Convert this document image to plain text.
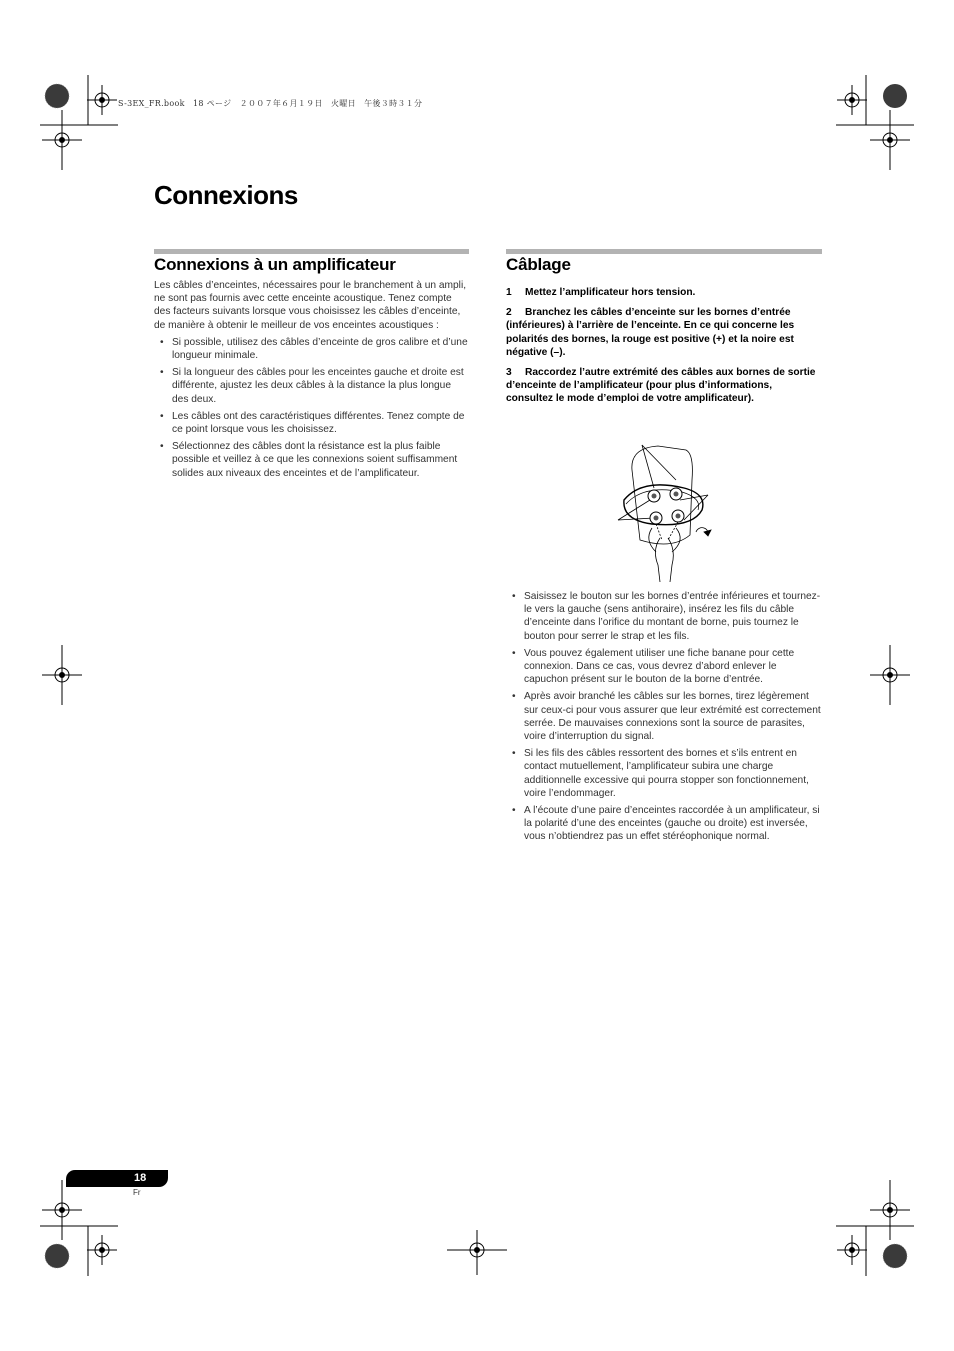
S-3EX_FR.book　18 ページ　２００７年６月１９日　火曜日　午後３時３１分
Connexions
Connexions à un amplificateur

Les câbles d’enceintes, nécessaires pour le branchement à un ampli, ne sont pas fournis avec cette enceinte acoustique. Tenez compte des facteurs suivants lorsque vous choisissez les câbles d’enceinte, de manière à obtenir le meilleur de vos enceintes acoustiques :

• Si possible, utilisez des câbles d’enceinte de gros calibre et d’une longueur minimale.
• Si la longueur des câbles pour les enceintes gauche et droite est différente, ajustez les deux câbles à la distance la plus longue des deux.
• Les câbles ont des caractéristiques différentes. Tenez compte de ce point lorsque vous les choisissez.
• Sélectionnez des câbles dont la résistance est la plus faible possible et veillez à ce que les connexions soient suffisamment solides aux niveaux des enceintes et de l’amplificateur.
Câblage

1 Mettez l’amplificateur hors tension.

2 Branchez les câbles d’enceinte sur les bornes d’entrée (inférieures) à l’arrière de l’enceinte. En ce qui concerne les polarités des bornes, la rouge est positive (+) et la noire est négative (–).

3 Raccordez l’autre extrémité des câbles aux bornes de sortie d’enceinte de l’amplificateur (pour plus d’informations, consultez le mode d’emploi de votre amplificateur).

• Saisissez le bouton sur les bornes d’entrée inférieures et tournez-le vers la gauche (sens antihoraire), insérez les fils du câble d’enceinte dans l’orifice du montant de borne, puis tournez le bouton pour serrer le strap et les fils.
• Vous pouvez également utiliser une fiche banane pour cette connexion. Dans ce cas, vous devrez d’abord enlever le capuchon présent sur le bouton de la borne d’entrée.
• Après avoir branché les câbles sur les bornes, tirez légèrement sur ceux-ci pour vous assurer que leur extrémité est correctement serrée. De mauvaises connexions sont la source de parasites, voire d’interruption du signal.
• Si les fils des câbles ressortent des bornes et s’ils entrent en contact mutuellement, l’amplificateur subira une charge additionnelle excessive qui pourra stopper son fonctionnement, voire l’endommager.
• A l’écoute d’une paire d’enceintes raccordée à un amplificateur, si la polarité d’une des enceintes (gauche ou droite) est inversée, vous n’obtiendrez pas un effet stéréophonique normal.
18
Fr
